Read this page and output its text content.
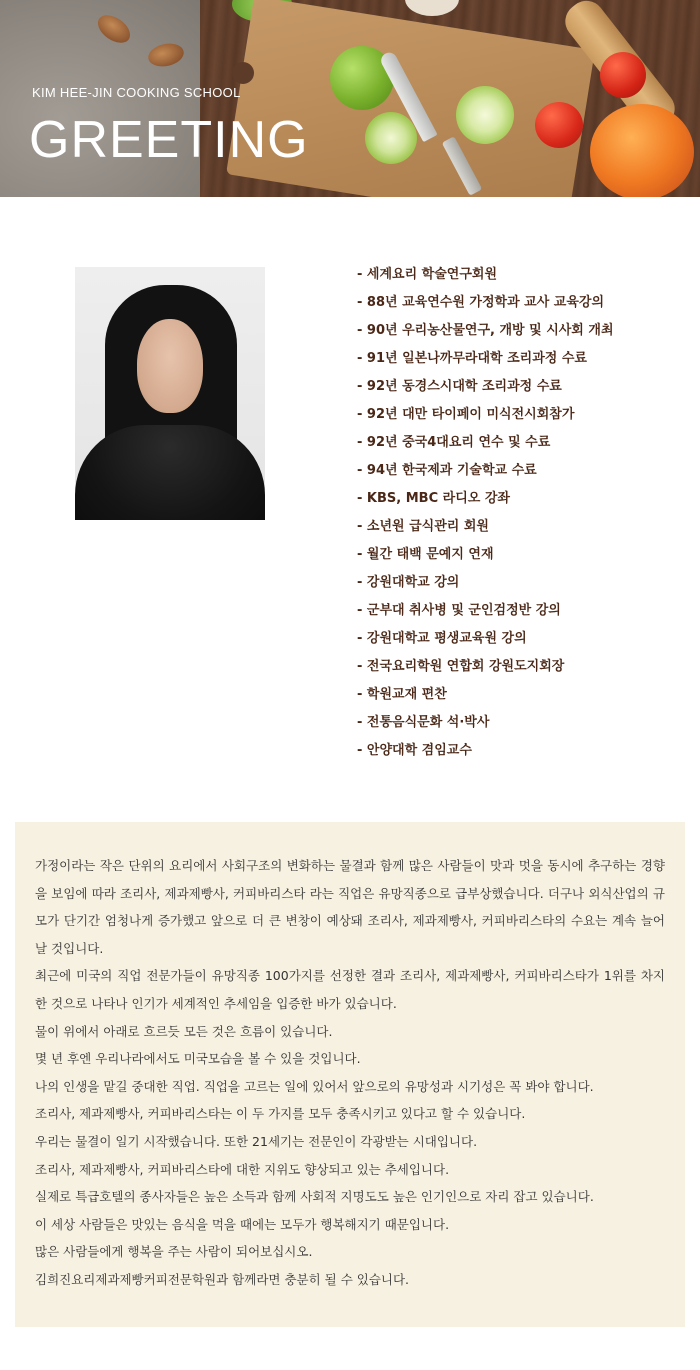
KIM HEE-JIN COOKING SCHOOL
GREETING
- 세계요리 학술연구회원
- 88년 교육연수원 가정학과 교사 교육강의
- 90년 우리농산물연구, 개방 및 시사회 개최
- 91년 일본나까무라대학 조리과정 수료
- 92년 동경스시대학 조리과정 수료
- 92년 대만 타이페이 미식전시회참가
- 92년 중국4대요리 연수 및 수료
- 94년 한국제과 기술학교 수료
- KBS, MBC 라디오 강좌
- 소년원 급식관리 회원
- 월간 태백 문예지 연재
- 강원대학교 강의
- 군부대 취사병 및 군인검정반 강의
- 강원대학교 평생교육원 강의
- 전국요리학원 연합회 강원도지회장
- 학원교재 편찬
- 전통음식문화 석·박사
- 안양대학 겸임교수

가정이라는 작은 단위의 요리에서 사회구조의 변화하는 물결과 함께 많은 사람들이 맛과 멋을 동시에 추구하는 경향을 보임에 따라 조리사, 제과제빵사, 커피바리스타 라는 직업은 유망직종으로 급부상했습니다. 더구나 외식산업의 규모가 단기간 엄청나게 증가했고 앞으로 더 큰 변창이 예상돼 조리사, 제과제빵사, 커피바리스타의 수요는 계속 늘어날 것입니다.

최근에 미국의 직업 전문가들이 유망직종 100가지를 선정한 결과 조리사, 제과제빵사, 커피바리스타가 1위를 차지한 것으로 나타나 인기가 세계적인 추세임을 입증한 바가 있습니다.

물이 위에서 아래로 흐르듯 모든 것은 흐름이 있습니다.

몇 년 후엔 우리나라에서도 미국모습을 볼 수 있을 것입니다.

나의 인생을 맡길 중대한 직업. 직업을 고르는 일에 있어서 앞으로의 유망성과 시기성은 꼭 봐야 합니다.

조리사, 제과제빵사, 커피바리스타는 이 두 가지를 모두 충족시키고 있다고 할 수 있습니다.

우리는 물결이 일기 시작했습니다. 또한 21세기는 전문인이 각광받는 시대입니다.

조리사, 제과제빵사, 커피바리스타에 대한 지위도 향상되고 있는 추세입니다.

실제로 특급호텔의 종사자들은 높은 소득과 함께 사회적 지명도도 높은 인기인으로 자리 잡고 있습니다.

이 세상 사람들은 맛있는 음식을 먹을 때에는 모두가 행복해지기 때문입니다.

많은 사람들에게 행복을 주는 사람이 되어보십시오.

김희진요리제과제빵커피전문학원과 함께라면 충분히 될 수 있습니다.
